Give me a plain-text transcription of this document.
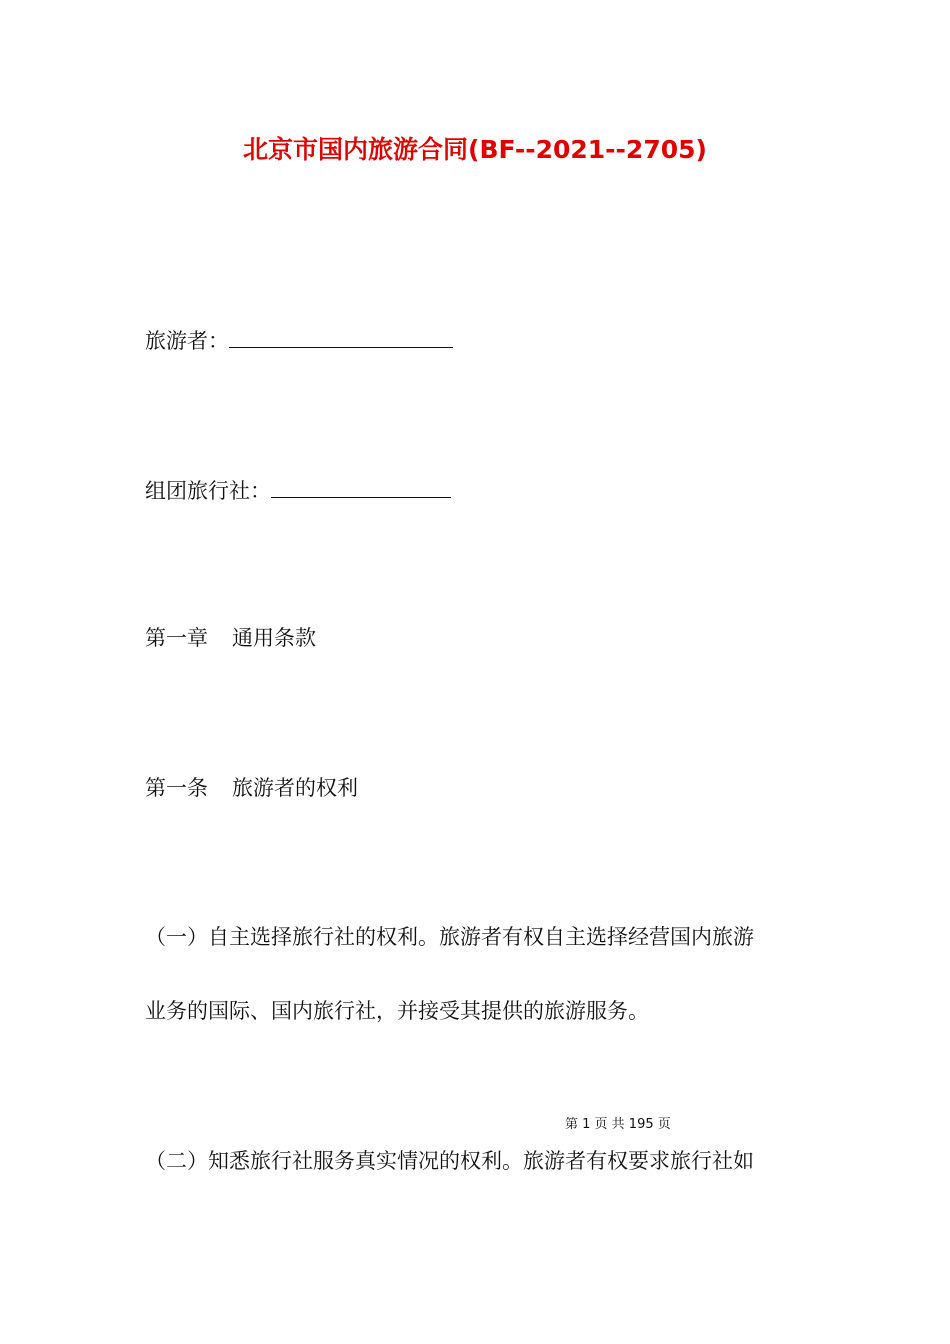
北京市国内旅游合同(BF--2021--2705)
旅游者：
组团旅行社：
第一章 通用条款
第一条 旅游者的权利
（一）自主选择旅行社的权利。旅游者有权自主选择经营国内旅游
业务的国际、国内旅行社，并接受其提供的旅游服务。
第 1 页 共 195 页
（二）知悉旅行社服务真实情况的权利。旅游者有权要求旅行社如
